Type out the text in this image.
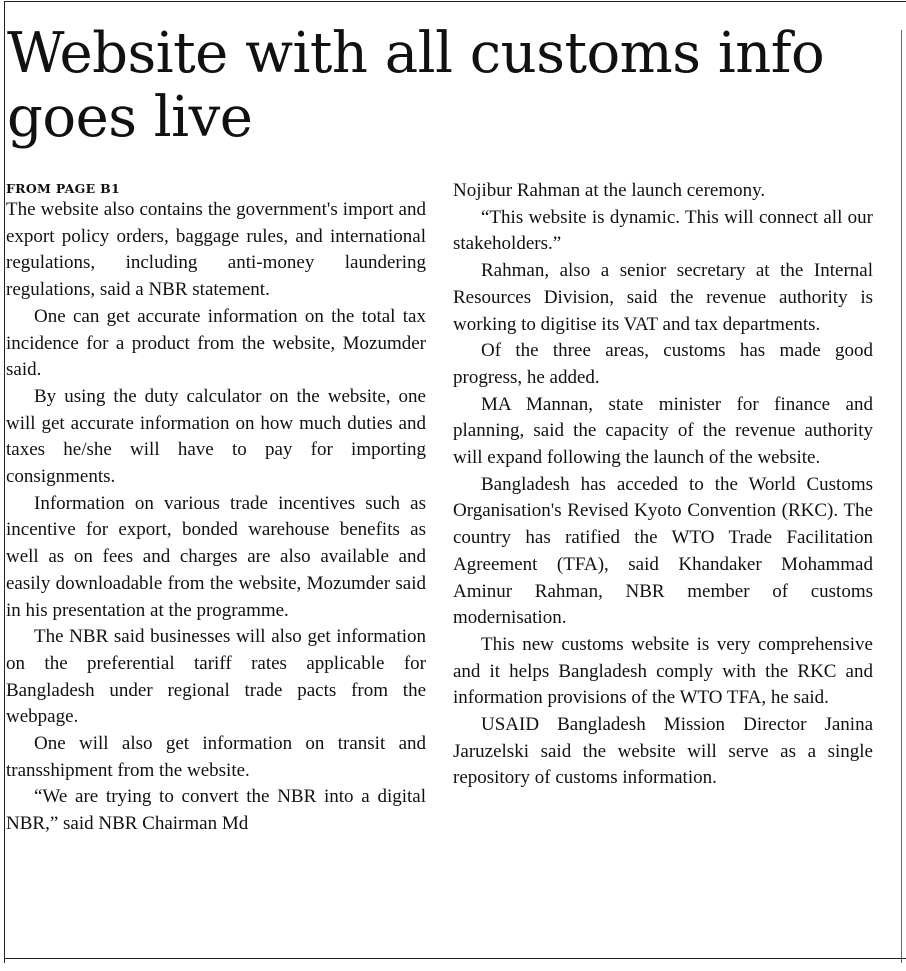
Website with all customs info goes live
FROM PAGE B1

The website also contains the government's import and export policy orders, baggage rules, and international regulations, including anti-money laundering regulations, said a NBR statement.

One can get accurate information on the total tax incidence for a product from the website, Mozumder said.

By using the duty calculator on the website, one will get accurate information on how much duties and taxes he/she will have to pay for importing consignments.

Information on various trade incentives such as incentive for export, bonded warehouse benefits as well as on fees and charges are also available and easily downloadable from the website, Mozumder said in his presentation at the programme.

The NBR said businesses will also get information on the preferential tariff rates applicable for Bangladesh under regional trade pacts from the webpage.

One will also get information on transit and transshipment from the website.

“We are trying to convert the NBR into a digital NBR,” said NBR Chairman Md

Nojibur Rahman at the launch ceremony.

“This website is dynamic. This will connect all our stakeholders.”

Rahman, also a senior secretary at the Internal Resources Division, said the revenue authority is working to digitise its VAT and tax departments.

Of the three areas, customs has made good progress, he added.

MA Mannan, state minister for finance and planning, said the capacity of the revenue authority will expand following the launch of the website.

Bangladesh has acceded to the World Customs Organisation's Revised Kyoto Convention (RKC). The country has ratified the WTO Trade Facilitation Agreement (TFA), said Khandaker Mohammad Aminur Rahman, NBR member of customs modernisation.

This new customs website is very comprehensive and it helps Bangladesh comply with the RKC and information provisions of the WTO TFA, he said.

USAID Bangladesh Mission Director Janina Jaruzelski said the website will serve as a single repository of customs information.
